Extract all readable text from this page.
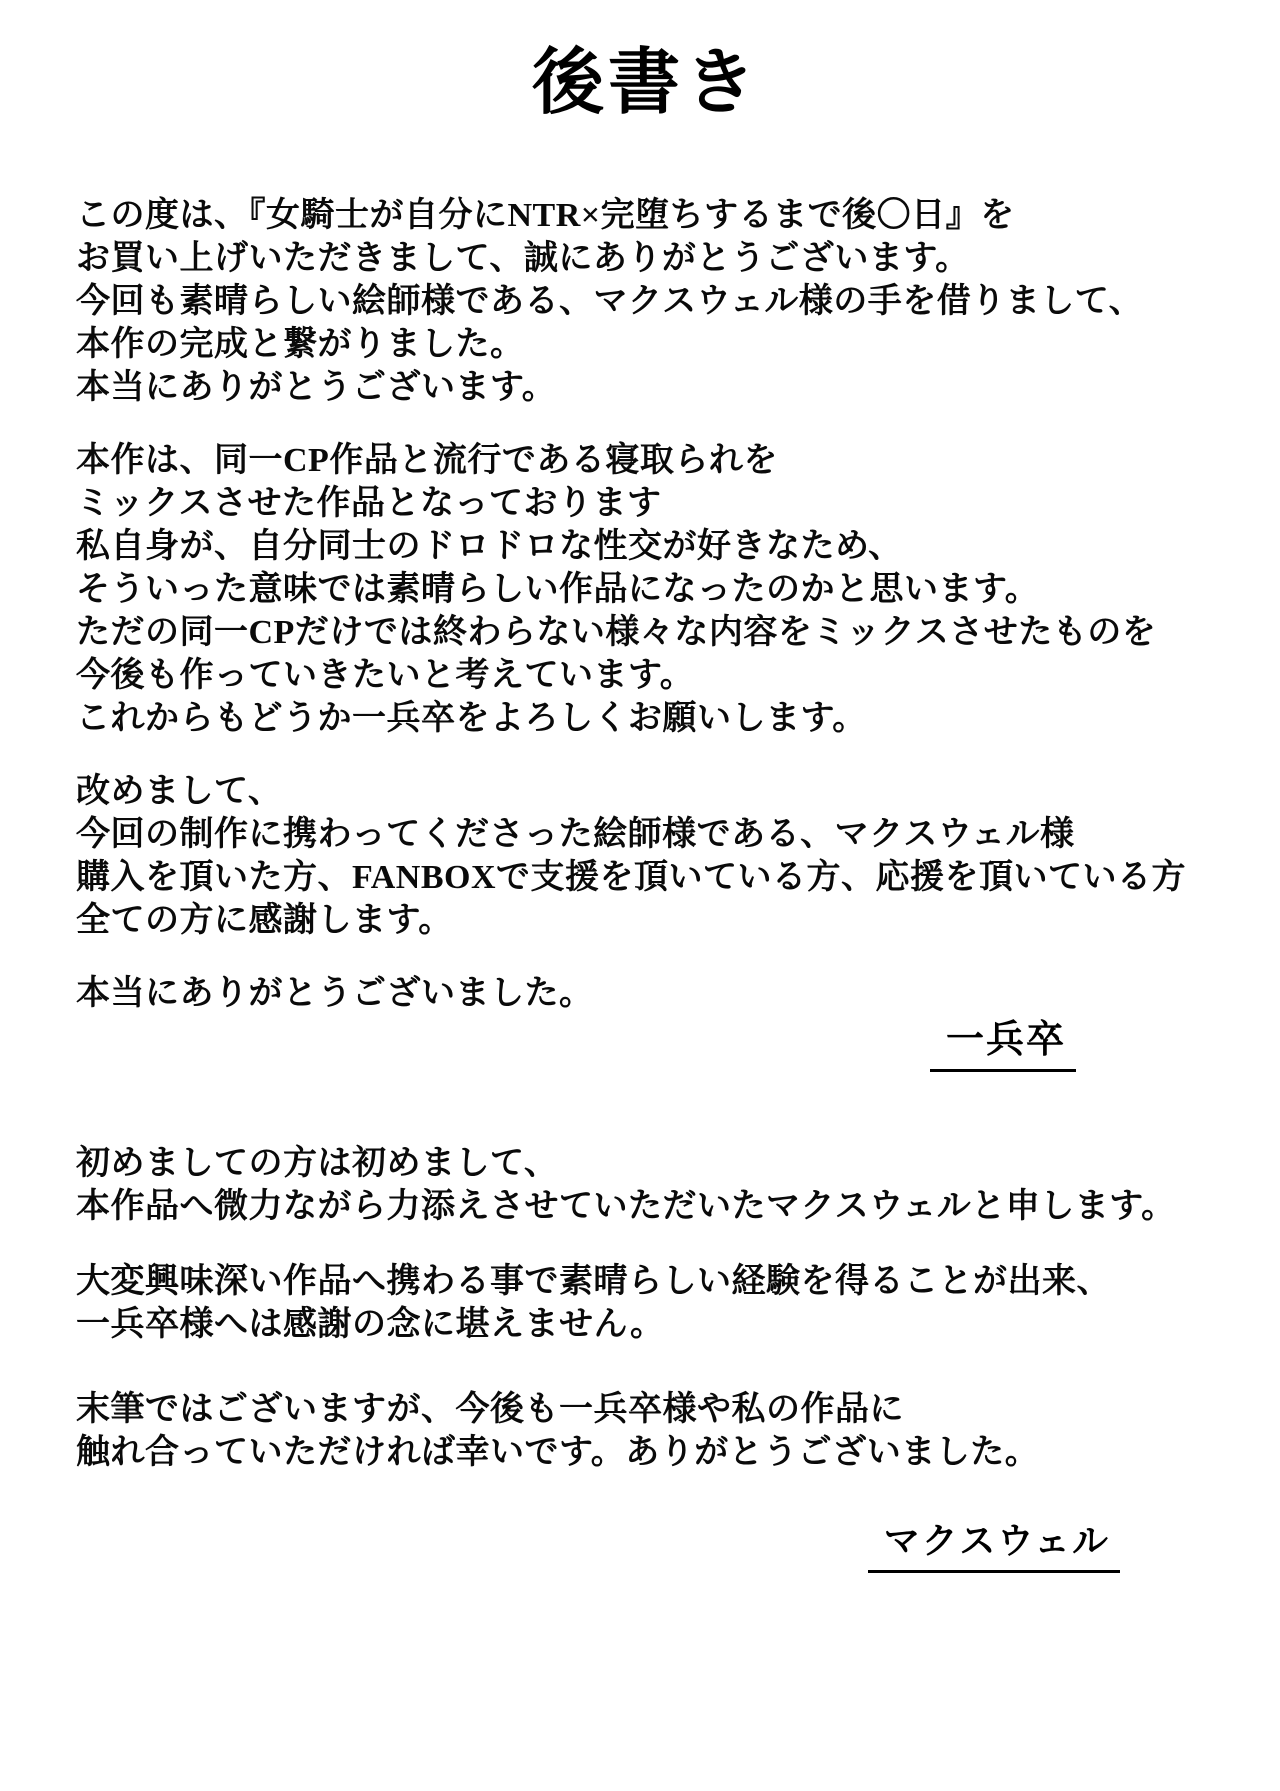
後書き
この度は、『女騎士が自分にNTR×完堕ちするまで後〇日』を
お買い上げいただきまして、誠にありがとうございます。
今回も素晴らしい絵師様である、マクスウェル様の手を借りまして、
本作の完成と繋がりました。
本当にありがとうございます。
本作は、同一CP作品と流行である寝取られを
ミックスさせた作品となっております
私自身が、自分同士のドロドロな性交が好きなため、
そういった意味では素晴らしい作品になったのかと思います。
ただの同一CPだけでは終わらない様々な内容をミックスさせたものを
今後も作っていきたいと考えています。
これからもどうか一兵卒をよろしくお願いします。
改めまして、
今回の制作に携わってくださった絵師様である、マクスウェル様
購入を頂いた方、FANBOXで支援を頂いている方、応援を頂いている方
全ての方に感謝します。
本当にありがとうございました。
一兵卒
初めましての方は初めまして、
本作品へ微力ながら力添えさせていただいたマクスウェルと申します。
大変興味深い作品へ携わる事で素晴らしい経験を得ることが出来、
一兵卒様へは感謝の念に堪えません。
末筆ではございますが、今後も一兵卒様や私の作品に
触れ合っていただければ幸いです。ありがとうございました。
マクスウェル
